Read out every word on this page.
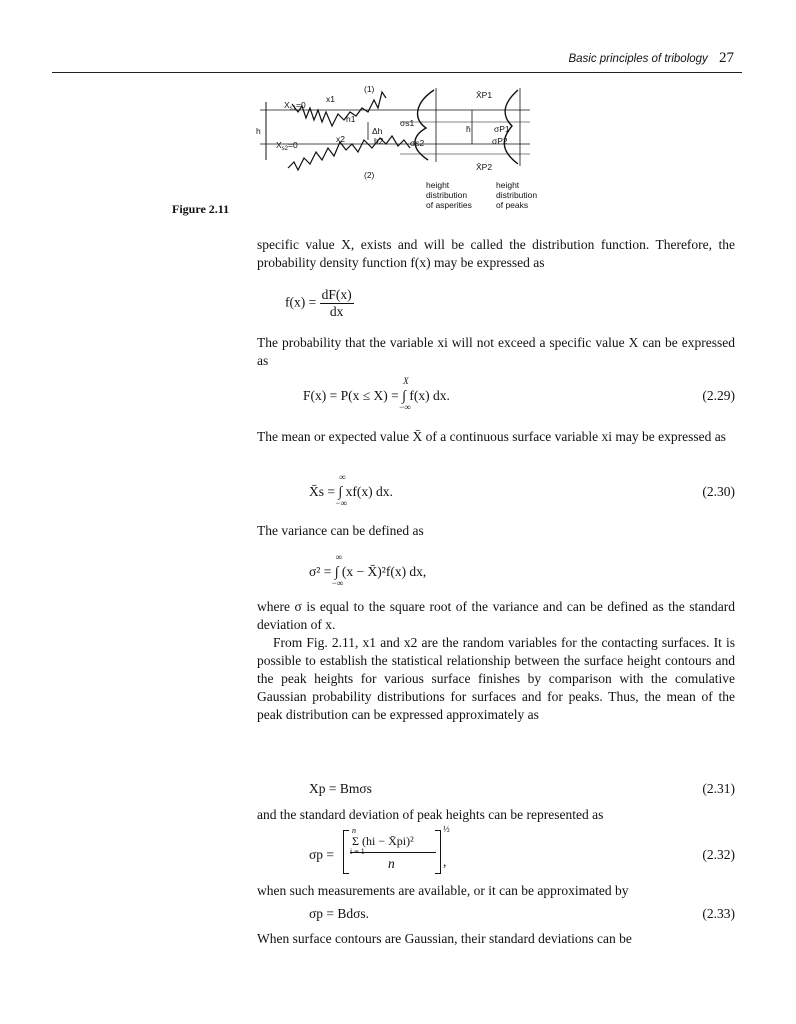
Basic principles of tribology 27
Figure 2.11
(1)
(2)
$X_{s1}=0$
$X_{s2}=0$
x1
x2
h1
h2
h	Δh	h̄
σs1
σs2
σP1
σP2
X̄P1
X̄P2
height
distribution
of asperities
height
distribution
of peaks

specific value X, exists and will be called the distribution function. Therefore, the probability density function f(x) may be expressed as

$f(x) = \frac{dF(x)}{dx}$

The probability that the variable xi will not exceed a specific value X can be expressed as

F(x) = P(x ≤ X) = ∫
X
−∞
f(x) dx.	(2.29)

The mean or expected value X̄ of a continuous surface variable xi may be expressed as

X̄s = ∫
∞
−∞
xf(x) dx.	(2.30)

The variance can be defined as

σ² = ∫
∞
−∞
(x − X̄)²f(x) dx,

where σ is equal to the square root of the variance and can be defined as the standard deviation of x.

From Fig. 2.11, x1 and x2 are the random variables for the contacting surfaces. It is possible to establish the statistical relationship between the surface height contours and the peak heights for various surface finishes by comparison with the comulative Gaussian probability distributions for surfaces and for peaks. Thus, the mean of the peak distribution can be expressed approximately as

Xp = Bmσs	(2.31)

and the standard deviation of peak heights can be represented as

σp =
n
Σ (hi − X̄pi)²
i = 1
n
½
,	(2.32)

when such measurements are available, or it can be approximated by

σp = Bdσs.	(2.33)

When surface contours are Gaussian, their standard deviations can be
